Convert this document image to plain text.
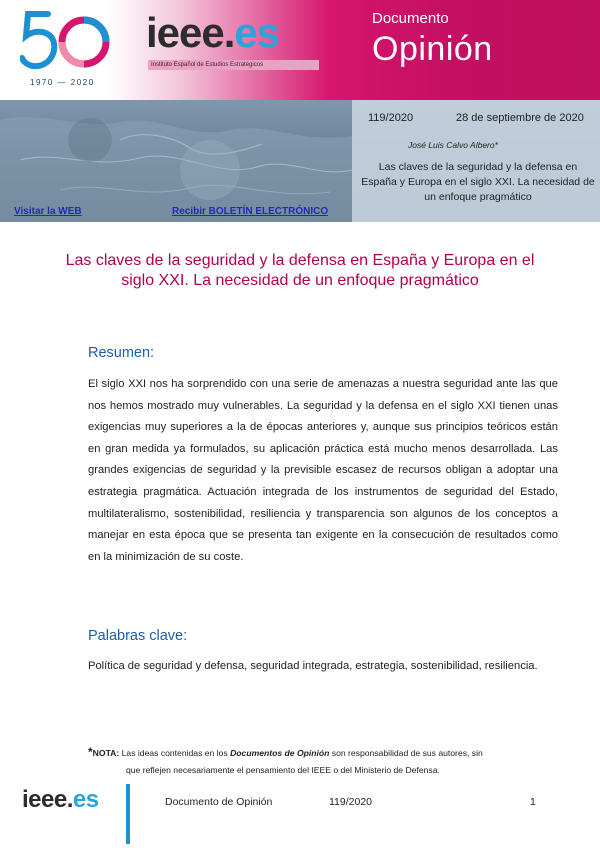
1970 — 2020
ieee.es
Instituto Español de Estudios Estratégicos
Documento
Opinión
119/2020	28 de septiembre de 2020
José Luis Calvo Albero*
Las claves de la seguridad y la defensa en España y Europa en el siglo XXI. La necesidad de un enfoque pragmático
Visitar la WEB	Recibir BOLETÍN ELECTRÓNICO
Las claves de la seguridad y la defensa en España y Europa en el siglo XXI. La necesidad de un enfoque pragmático
Resumen:
El siglo XXI nos ha sorprendido con una serie de amenazas a nuestra seguridad ante las que nos hemos mostrado muy vulnerables. La seguridad y la defensa en el siglo XXI tienen unas exigencias muy superiores a la de épocas anteriores y, aunque sus principios teóricos están en gran medida ya formulados, su aplicación práctica está mucho menos desarrollada. Las grandes exigencias de seguridad y la previsible escasez de recursos obligan a adoptar una estrategia pragmática. Actuación integrada de los instrumentos de seguridad del Estado, multilateralismo, sostenibilidad, resiliencia y transparencia son algunos de los conceptos a manejar en esta época que se presenta tan exigente en la consecución de resultados como en la minimización de su coste.
Palabras clave:
Política de seguridad y defensa, seguridad integrada, estrategia, sostenibilidad, resiliencia.
*NOTA: Las ideas contenidas en los Documentos de Opinión son responsabilidad de sus autores, sin
que reflejen necesariamente el pensamiento del IEEE o del Ministerio de Defensa.
ieee.es	Documento de Opinión	119/2020	1
